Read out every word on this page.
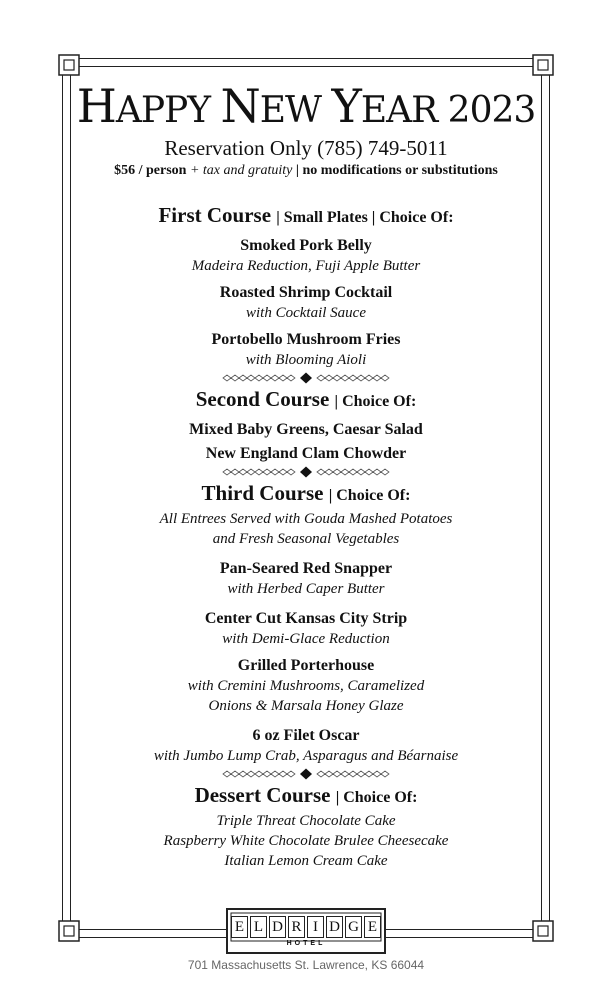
HAPPY NEW YEAR 2023
Reservation Only (785) 749-5011
$56 / person + tax and gratuity | no modifications or substitutions
First Course | Small Plates | Choice Of:
Smoked Pork Belly
Madeira Reduction, Fuji Apple Butter
Roasted Shrimp Cocktail
with Cocktail Sauce
Portobello Mushroom Fries
with Blooming Aioli
Second Course | Choice Of:
Mixed Baby Greens, Caesar Salad
New England Clam Chowder
Third Course | Choice Of:
All Entrees Served with Gouda Mashed Potatoes
and Fresh Seasonal Vegetables
Pan-Seared Red Snapper
with Herbed Caper Butter
Center Cut Kansas City Strip
with Demi-Glace Reduction
Grilled Porterhouse
with Cremini Mushrooms, Caramelized
Onions & Marsala Honey Glaze
6 oz Filet Oscar
with Jumbo Lump Crab, Asparagus and Béarnaise
Dessert Course | Choice Of:
Triple Threat Chocolate Cake
Raspberry White Chocolate Brulee Cheesecake
Italian Lemon Cream Cake
E L D R I D G E
HOTEL
701 Massachusetts St. Lawrence, KS 66044
